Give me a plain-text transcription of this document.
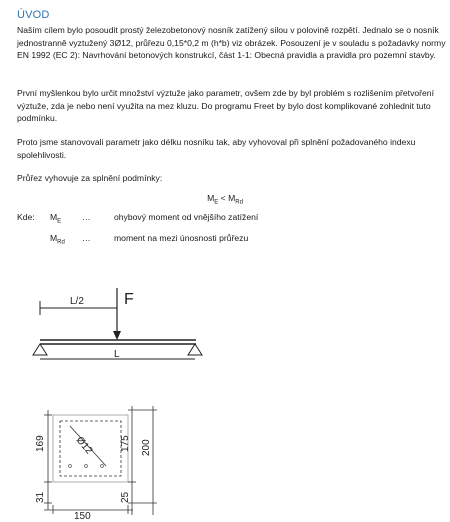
ÚVOD

Naším cílem bylo posoudit prostý železobetonový nosník zatížený silou v polovině rozpětí. Jednalo se o nosník jednostranně vyztužený 3Ø12, průřezu 0,15*0,2 m (h*b) viz obrázek. Posouzení je v souladu s požadavky normy EN 1992 (EC 2): Navrhování betonových konstrukcí, část 1-1: Obecná pravidla a pravidla pro pozemní stavby.

První myšlenkou bylo určit množství výztuže jako parametr, ovšem zde by byl problém s rozlišením přetvoření výztuže, zda je nebo není využita na mez kluzu. Do programu Freet by bylo dost komplikované zohlednit tuto podmínku.

Proto jsme stanovovali parametr jako délku nosníku tak, aby vyhovoval při splnění požadovaného indexu spolehlivosti.

Průřez vyhovuje za splnění podmínky:

$M_E < M_{Rd}$
Kde: $M_E$ …	ohybový moment od vnějšího zatížení
$M_{Rd}$ …	moment na mezi únosnosti průřezu
L/2	F
L
169
31
175
25
200
150
Ø12
